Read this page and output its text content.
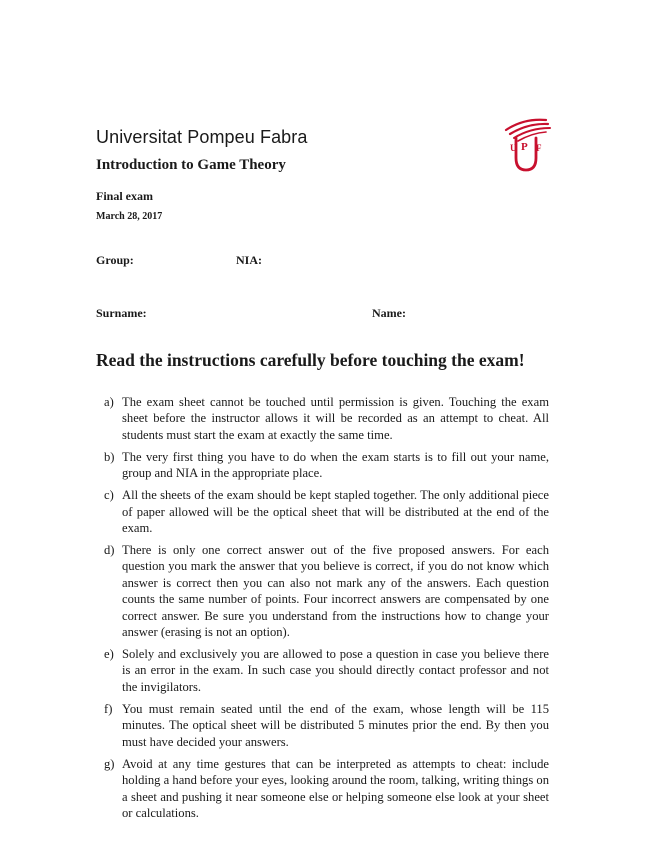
Universitat Pompeu Fabra
Introduction to Game Theory
Final exam
March 28, 2017
U P F
Group:	NIA:
Surname:	Name:
Read the instructions carefully before touching the exam!
a) The exam sheet cannot be touched until permission is given. Touching the exam sheet before the instructor allows it will be recorded as an attempt to cheat. All students must start the exam at exactly the same time.
b) The very first thing you have to do when the exam starts is to fill out your name, group and NIA in the appropriate place.
c) All the sheets of the exam should be kept stapled together. The only additional piece of paper allowed will be the optical sheet that will be distributed at the end of the exam.
d) There is only one correct answer out of the five proposed answers. For each question you mark the answer that you believe is correct, if you do not know which answer is correct then you can also not mark any of the answers. Each question counts the same number of points. Four incorrect answers are compensated by one correct answer. Be sure you understand from the instructions how to change your answer (erasing is not an option).
e) Solely and exclusively you are allowed to pose a question in case you believe there is an error in the exam. In such case you should directly contact professor and not the invigilators.
f) You must remain seated until the end of the exam, whose length will be 115 minutes. The optical sheet will be distributed 5 minutes prior the end. By then you must have decided your answers.
g) Avoid at any time gestures that can be interpreted as attempts to cheat: include holding a hand before your eyes, looking around the room, talking, writing things on a sheet and pushing it near someone else or helping someone else look at your sheet or calculations.
